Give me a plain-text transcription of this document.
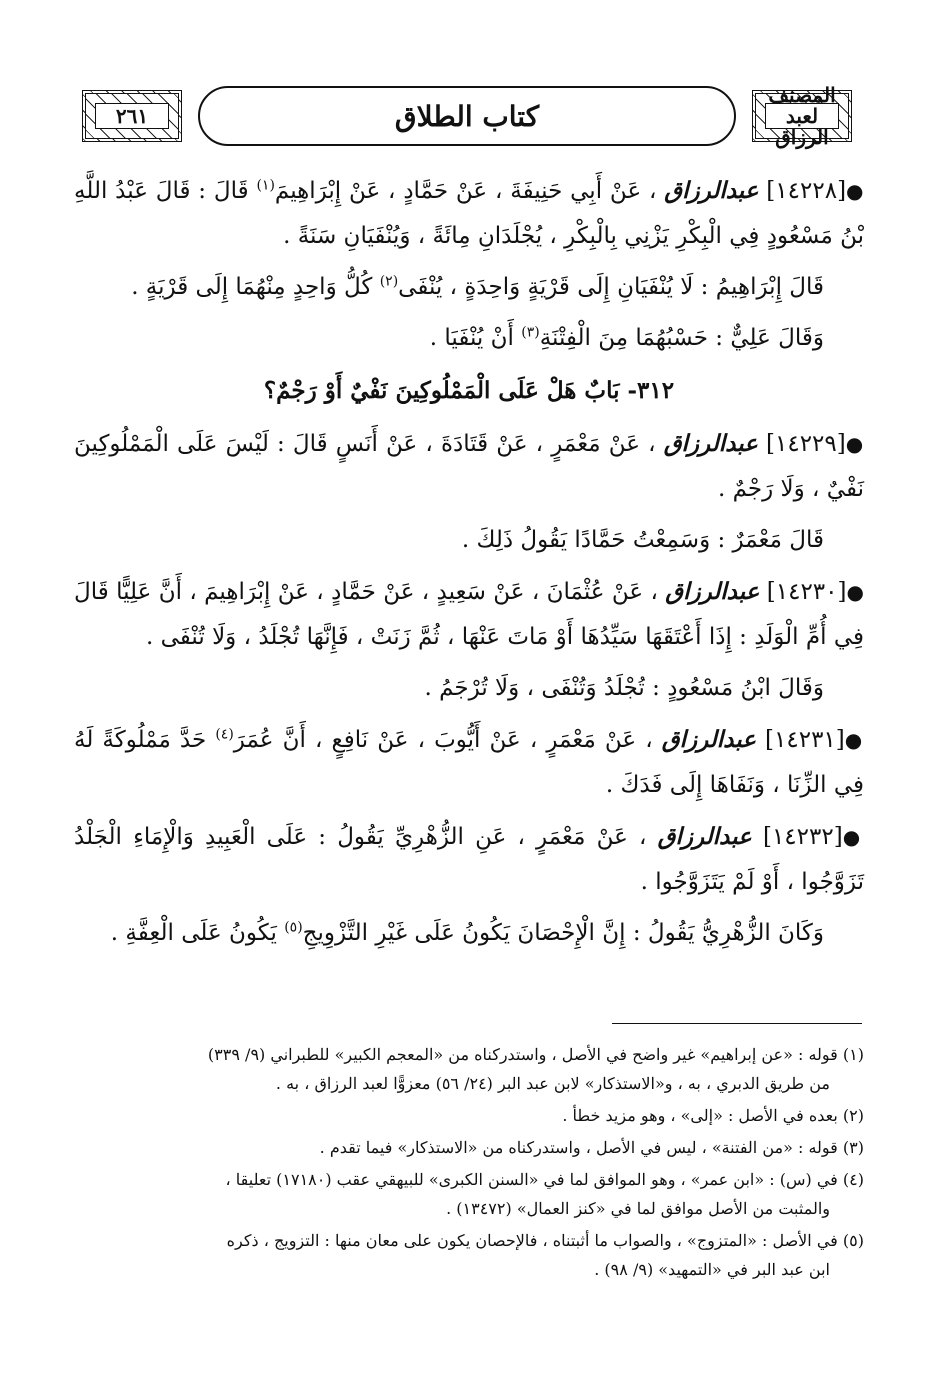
٢٦١	كتاب الطلاق
المصنف لعبد الرزاق

●[١٤٢٢٨] عبدالرزاق ، عَنْ أَبِي حَنِيفَةَ ، عَنْ حَمَّادٍ ، عَنْ إِبْرَاهِيمَ$^{(١)}$ قَالَ : قَالَ عَبْدُ اللَّهِ بْنُ مَسْعُودٍ فِي الْبِكْرِ يَزْنِي بِالْبِكْرِ ، يُجْلَدَانِ مِائَةً ، وَيُنْفَيَانِ سَنَةً .

قَالَ إِبْرَاهِيمُ : لَا يُنْفَيَانِ إِلَى قَرْيَةٍ وَاحِدَةٍ ، يُنْفَى$^{(٢)}$ كُلُّ وَاحِدٍ مِنْهُمَا إِلَى قَرْيَةٍ .

وَقَالَ عَلِيٌّ : حَسْبُهُمَا مِنَ الْفِتْنَةِ$^{(٣)}$ أَنْ يُنْفَيَا .

٣١٢- بَابٌ هَلْ عَلَى الْمَمْلُوكِينَ نَفْيٌ أَوْ رَجْمٌ؟

●[١٤٢٢٩] عبدالرزاق ، عَنْ مَعْمَرٍ ، عَنْ قَتَادَةَ ، عَنْ أَنَسٍ قَالَ : لَيْسَ عَلَى الْمَمْلُوكِينَ نَفْيٌ ، وَلَا رَجْمٌ .

قَالَ مَعْمَرٌ : وَسَمِعْتُ حَمَّادًا يَقُولُ ذَلِكَ .

●[١٤٢٣٠] عبدالرزاق ، عَنْ عُثْمَانَ ، عَنْ سَعِيدٍ ، عَنْ حَمَّادٍ ، عَنْ إِبْرَاهِيمَ ، أَنَّ عَلِيًّا قَالَ فِي أُمِّ الْوَلَدِ : إِذَا أَعْتَقَهَا سَيِّدُهَا أَوْ مَاتَ عَنْهَا ، ثُمَّ زَنَتْ ، فَإِنَّهَا تُجْلَدُ ، وَلَا تُنْفَى .

وَقَالَ ابْنُ مَسْعُودٍ : تُجْلَدُ وَتُنْفَى ، وَلَا تُرْجَمُ .

●[١٤٢٣١] عبدالرزاق ، عَنْ مَعْمَرٍ ، عَنْ أَيُّوبَ ، عَنْ نَافِعٍ ، أَنَّ عُمَرَ$^{(٤)}$ حَدَّ مَمْلُوكَةً لَهُ فِي الزِّنَا ، وَنَفَاهَا إِلَى فَدَكَ .

●[١٤٢٣٢] عبدالرزاق ، عَنْ مَعْمَرٍ ، عَنِ الزُّهْرِيِّ يَقُولُ : عَلَى الْعَبِيدِ وَالْإِمَاءِ الْجَلْدُ تَزَوَّجُوا ، أَوْ لَمْ يَتَزَوَّجُوا .

وَكَانَ الزُّهْرِيُّ يَقُولُ : إِنَّ الْإِحْصَانَ يَكُونُ عَلَى غَيْرِ التَّزْوِيجِ$^{(٥)}$ يَكُونُ عَلَى الْعِفَّةِ .

(١) قوله : «عن إبراهيم» غير واضح في الأصل ، واستدركناه من «المعجم الكبير» للطبراني (٩/ ٣٣٩)
من طريق الدبري ، به ، و«الاستذكار» لابن عبد البر (٢٤/ ٥٦) معزوًّا لعبد الرزاق ، به .

(٢) بعده في الأصل : «إلى» ، وهو مزيد خطأ .

(٣) قوله : «من الفتنة» ، ليس في الأصل ، واستدركناه من «الاستذكار» فيما تقدم .

(٤) في (س) : «ابن عمر» ، وهو الموافق لما في «السنن الكبرى» للبيهقي عقب (١٧١٨٠) تعليقا ،
والمثبت من الأصل موافق لما في «كنز العمال» (١٣٤٧٢) .

(٥) في الأصل : «المتزوج» ، والصواب ما أثبتناه ، فالإحصان يكون على معان منها : التزويج ، ذكره
ابن عبد البر في «التمهيد» (٩/ ٩٨) .
